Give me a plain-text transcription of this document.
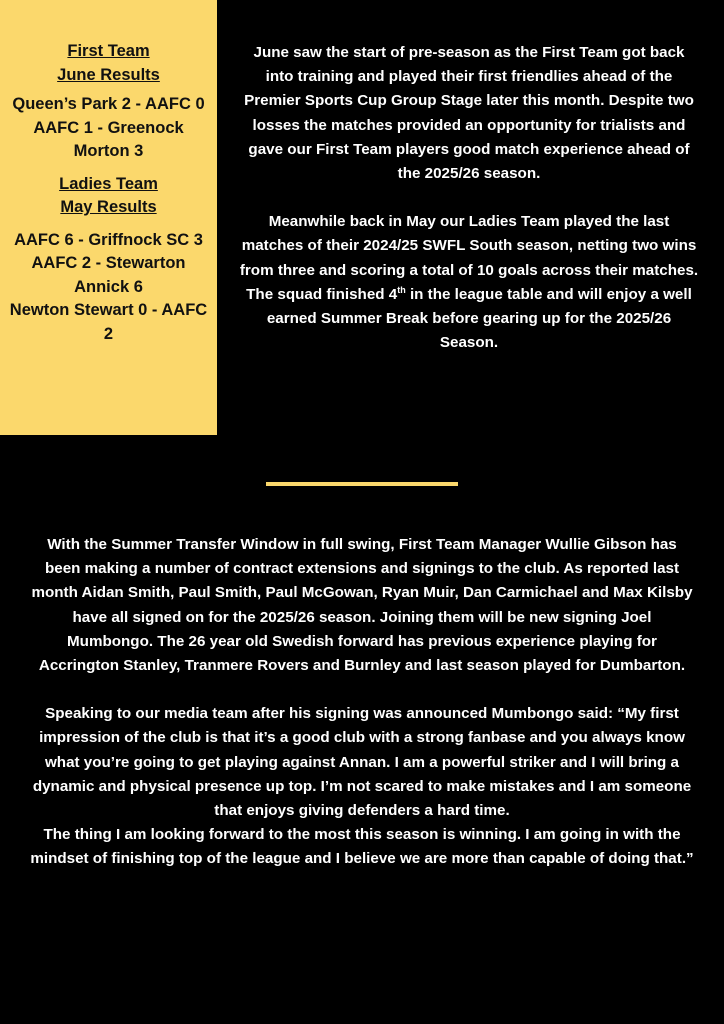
First Team
June Results
Queen’s Park 2 - AAFC 0
AAFC 1 - Greenock Morton 3
Ladies Team
May Results
AAFC 6 - Griffnock SC 3
AAFC 2 - Stewarton Annick 6
Newton Stewart 0 - AAFC 2

June saw the start of pre-season as the First Team got back into training and played their first friendlies ahead of the Premier Sports Cup Group Stage later this month. Despite two losses the matches provided an opportunity for trialists and gave our First Team players good match experience ahead of the 2025/26 season.

Meanwhile back in May our Ladies Team played the last matches of their 2024/25 SWFL South season, netting two wins from three and scoring a total of 10 goals across their matches. The squad finished 4th in the league table and will enjoy a well earned Summer Break before gearing up for the 2025/26 Season.

With the Summer Transfer Window in full swing, First Team Manager Wullie Gibson has been making a number of contract extensions and signings to the club. As reported last month Aidan Smith, Paul Smith, Paul McGowan, Ryan Muir, Dan Carmichael and Max Kilsby have all signed on for the 2025/26 season. Joining them will be new signing Joel Mumbongo. The 26 year old Swedish forward has previous experience playing for Accrington Stanley, Tranmere Rovers and Burnley and last season played for Dumbarton.

Speaking to our media team after his signing was announced Mumbongo said: “My first impression of the club is that it’s a good club with a strong fanbase and you always know what you’re going to get playing against Annan. I am a powerful striker and I will bring a dynamic and physical presence up top. I’m not scared to make mistakes and I am someone that enjoys giving defenders a hard time.
The thing I am looking forward to the most this season is winning. I am going in with the mindset of finishing top of the league and I believe we are more than capable of doing that.”
